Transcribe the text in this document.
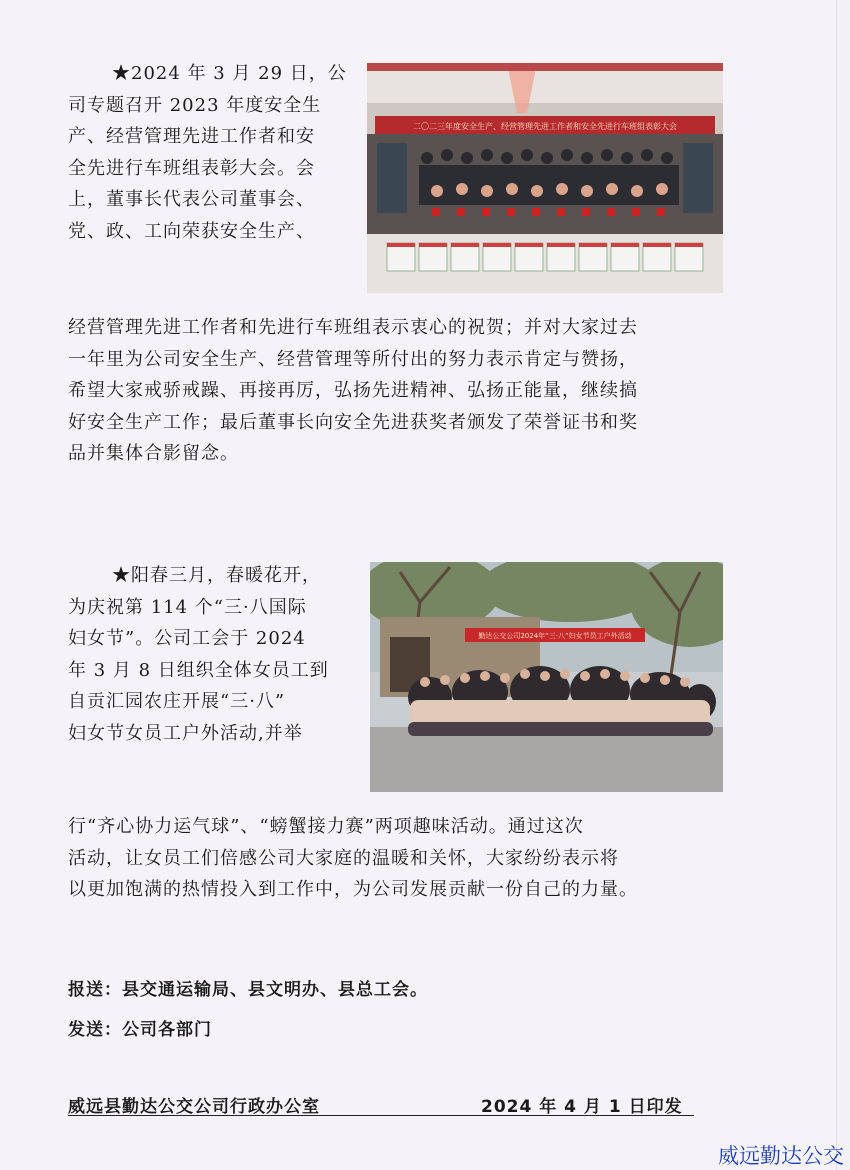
★2024 年 3 月 29 日，公
司专题召开 2023 年度安全生
产、经营管理先进工作者和安
全先进行车班组表彰大会。会
上，董事长代表公司董事会、
党、政、工向荣获安全生产、
二〇二三年度安全生产、经营管理先进工作者和安全先进行车班组表彰大会
经营管理先进工作者和先进行车班组表示衷心的祝贺；并对大家过去
一年里为公司安全生产、经营管理等所付出的努力表示肯定与赞扬，
希望大家戒骄戒躁、再接再厉，弘扬先进精神、弘扬正能量，继续搞
好安全生产工作；最后董事长向安全先进获奖者颁发了荣誉证书和奖
品并集体合影留念。
★阳春三月，春暖花开，
为庆祝第 114 个“三·八国际
妇女节”。公司工会于 2024
年 3 月 8 日组织全体女员工到
自贡汇园农庄开展“三·八”
妇女节女员工户外活动,并举
勤达公交公司2024年“三·八”妇女节员工户外活动
行“齐心协力运气球”、“螃蟹接力赛”两项趣味活动。通过这次
活动，让女员工们倍感公司大家庭的温暖和关怀，大家纷纷表示将
以更加饱满的热情投入到工作中，为公司发展贡献一份自己的力量。
报送：县交通运输局、县文明办、县总工会。
发送：公司各部门
威远县勤达公交公司行政办公室	2024 年 4 月 1 日印发
威远勤达公交
